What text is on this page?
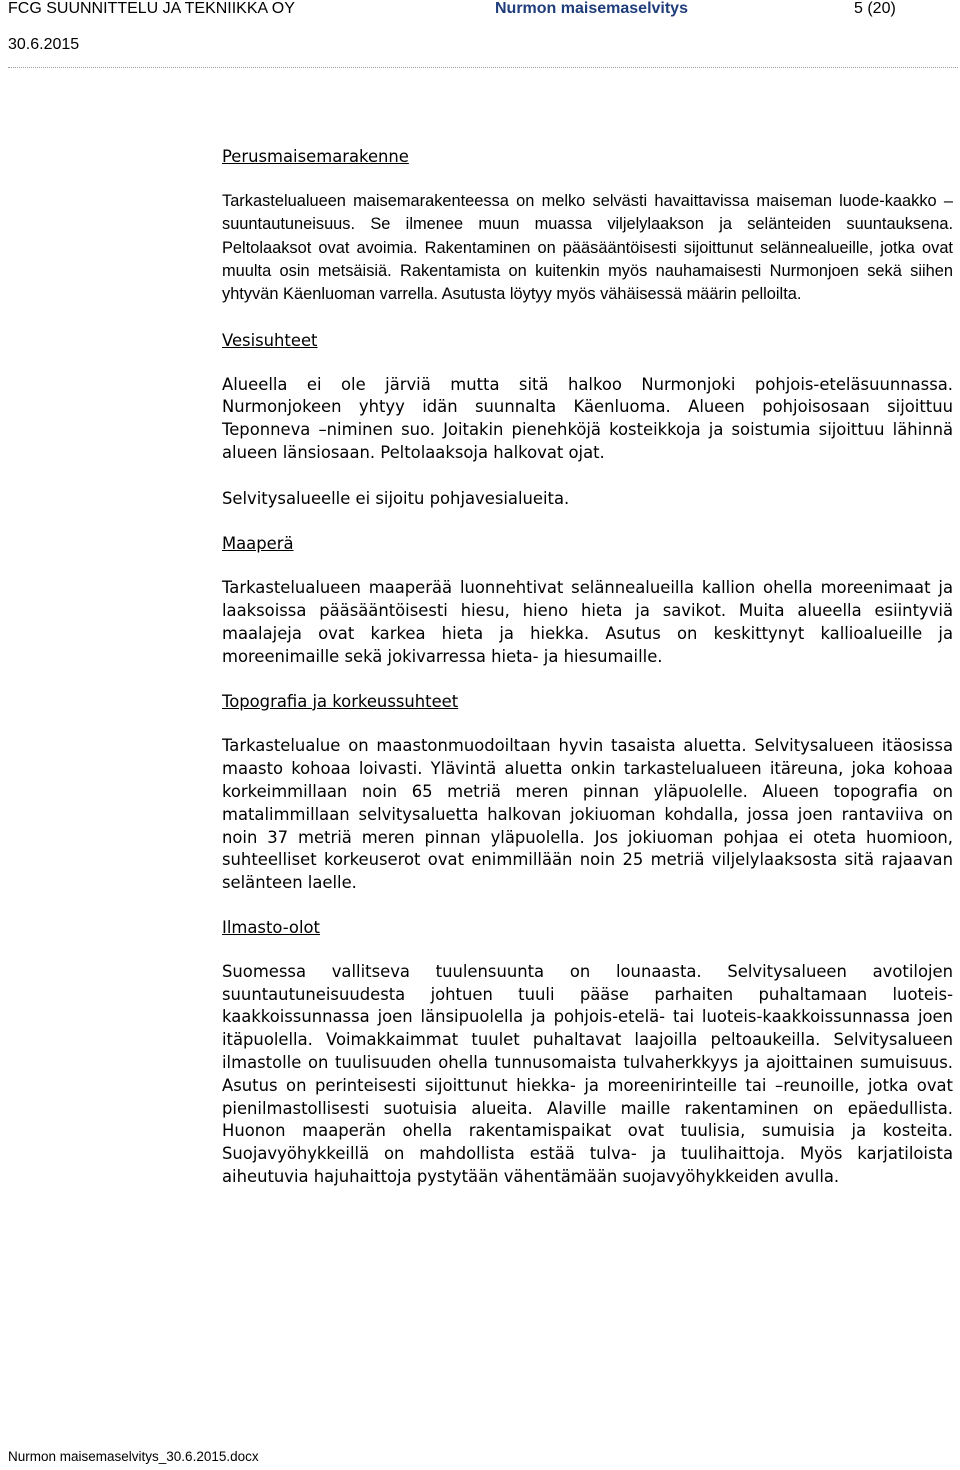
FCG SUUNNITTELU JA TEKNIIKKA OY	Nurmon maisemaselvitys	5 (20)
30.6.2015

Perusmaisemarakenne

Tarkastelualueen maisemarakenteessa on melko selvästi havaittavissa maiseman luode-kaakko –suuntautuneisuus. Se ilmenee muun muassa viljelylaakson ja selänteiden suuntauksena. Peltolaaksot ovat avoimia. Rakentaminen on pääsääntöisesti sijoittunut selännealueille, jotka ovat muulta osin metsäisiä. Rakentamista on kuitenkin myös nauhamaisesti Nurmonjoen sekä siihen yhtyvän Käenluoman varrella. Asutusta löytyy myös vähäisessä määrin pelloilta.

Vesisuhteet

Alueella ei ole järviä mutta sitä halkoo Nurmonjoki pohjois-eteläsuunnassa. Nurmonjokeen yhtyy idän suunnalta Käenluoma. Alueen pohjoisosaan sijoittuu Teponneva –niminen suo. Joitakin pienehköjä kosteikkoja ja soistumia sijoittuu lähinnä alueen länsiosaan. Peltolaaksoja halkovat ojat.

Selvitysalueelle ei sijoitu pohjavesialueita.

Maaperä

Tarkastelualueen maaperää luonnehtivat selännealueilla kallion ohella moreenimaat ja laaksoissa pääsääntöisesti hiesu, hieno hieta ja savikot. Muita alueella esiintyviä maalajeja ovat karkea hieta ja hiekka. Asutus on keskittynyt kallioalueille ja moreenimaille sekä jokivarressa hieta- ja hiesumaille.

Topografia ja korkeussuhteet

Tarkastelualue on maastonmuodoiltaan hyvin tasaista aluetta. Selvitysalueen itäosissa maasto kohoaa loivasti. Ylävintä aluetta onkin tarkastelualueen itäreuna, joka kohoaa korkeimmillaan noin 65 metriä meren pinnan yläpuolelle. Alueen topografia on matalimmillaan selvitysaluetta halkovan jokiuoman kohdalla, jossa joen rantaviiva on noin 37 metriä meren pinnan yläpuolella. Jos jokiuoman pohjaa ei oteta huomioon, suhteelliset korkeuserot ovat enimmillään noin 25 metriä viljelylaaksosta sitä rajaavan selänteen laelle.

Ilmasto-olot

Suomessa vallitseva tuulensuunta on lounaasta. Selvitysalueen avotilojen suuntautuneisuudesta johtuen tuuli pääse parhaiten puhaltamaan luoteis-kaakkoissunnassa joen länsipuolella ja pohjois-etelä- tai luoteis-kaakkoissunnassa joen itäpuolella. Voimakkaimmat tuulet puhaltavat laajoilla peltoaukeilla. Selvitysalueen ilmastolle on tuulisuuden ohella tunnusomaista tulvaherkkyys ja ajoittainen sumuisuus. Asutus on perinteisesti sijoittunut hiekka- ja moreenirinteille tai –reunoille, jotka ovat pienilmastollisesti suotuisia alueita. Alaville maille rakentaminen on epäedullista. Huonon maaperän ohella rakentamispaikat ovat tuulisia, sumuisia ja kosteita. Suojavyöhykkeillä on mahdollista estää tulva- ja tuulihaittoja. Myös karjatiloista aiheutuvia hajuhaittoja pystytään vähentämään suojavyöhykkeiden avulla.

Nurmon maisemaselvitys_30.6.2015.docx
